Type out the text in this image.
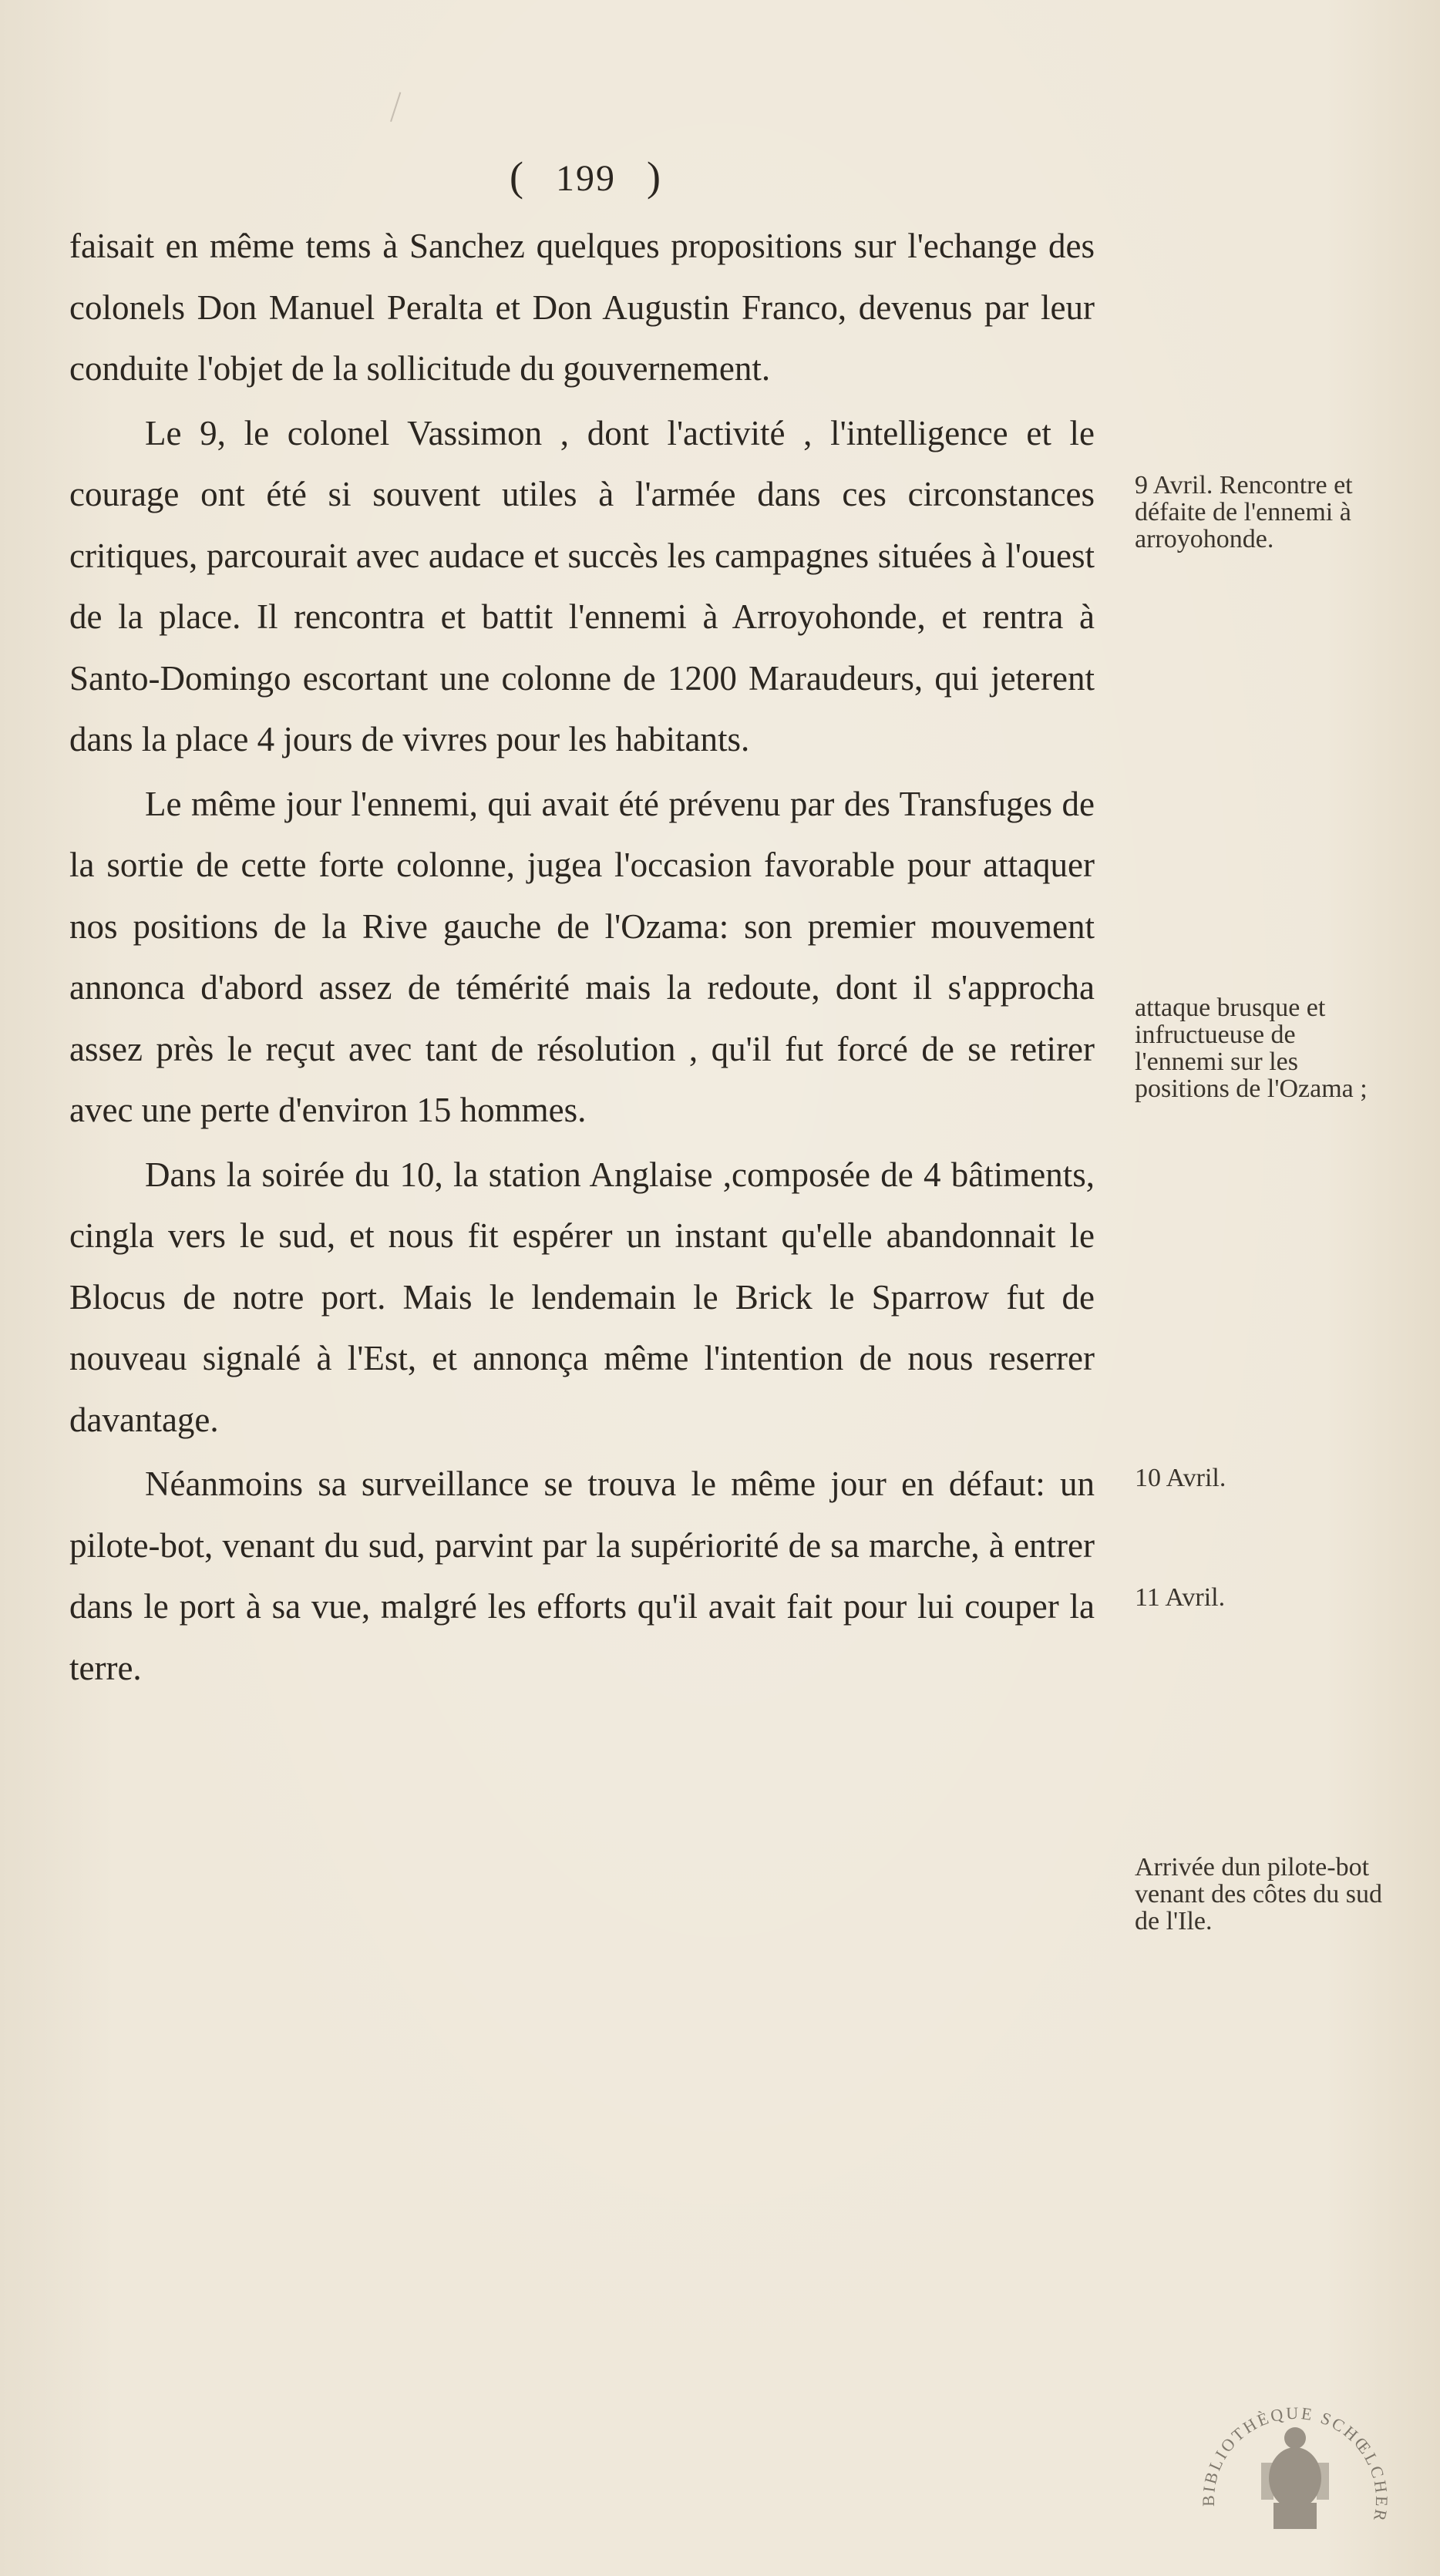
( 199 )

faisait en même tems à Sanchez quelques propositions sur l'echange des colonels Don Manuel Peralta et Don Augustin Franco, devenus par leur conduite l'objet de la sollicitude du gouvernement.

Le 9, le colonel Vassimon , dont l'activité , l'intelligence et le courage ont été si souvent utiles à l'armée dans ces circonstances critiques, parcourait avec audace et succès les campagnes situées à l'ouest de la place. Il rencontra et battit l'ennemi à Arroyohonde, et rentra à Santo-Domingo escortant une colonne de 1200 Maraudeurs, qui jeterent dans la place 4 jours de vivres pour les habitants.

Le même jour l'ennemi, qui avait été prévenu par des Transfuges de la sortie de cette forte colonne, jugea l'occasion favorable pour attaquer nos positions de la Rive gauche de l'Ozama: son premier mouvement annonca d'abord assez de témérité mais la redoute, dont il s'approcha assez près le reçut avec tant de résolution , qu'il fut forcé de se retirer avec une perte d'environ 15 hommes.

Dans la soirée du 10, la station Anglaise ,composée de 4 bâtiments, cingla vers le sud, et nous fit espérer un instant qu'elle abandonnait le Blocus de notre port. Mais le lendemain le Brick le Sparrow fut de nouveau signalé à l'Est, et annonça même l'intention de nous reserrer davantage.

Néanmoins sa surveillance se trouva le même jour en défaut: un pilote-bot, venant du sud, parvint par la supériorité de sa marche, à entrer dans le port à sa vue, malgré les efforts qu'il avait fait pour lui couper la terre.

9 Avril. Rencontre et défaite de l'ennemi à arroyohonde.
attaque brusque et infructueuse de l'ennemi sur les positions de l'Ozama ;
10 Avril.
11 Avril.
Arrivée dun pilote-bot venant des côtes du sud de l'Ile.
BIBLIOTHÈQUE SCHŒLCHER
